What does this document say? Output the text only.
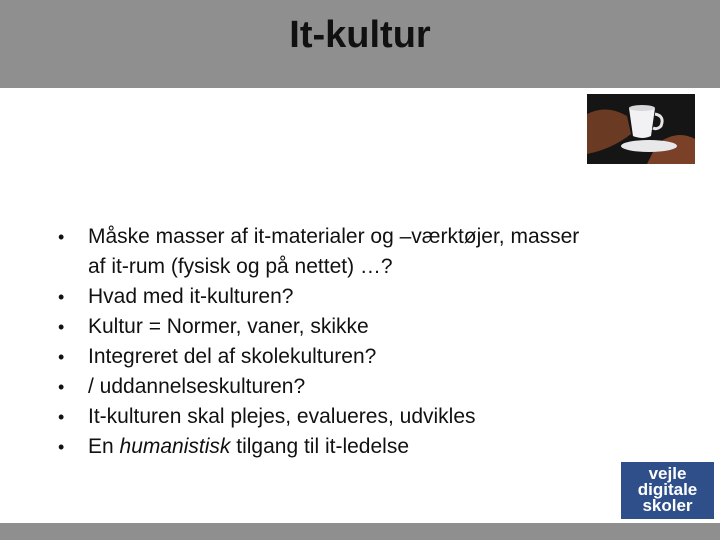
It-kultur
• Måske masser af it-materialer og –værktøjer, masser
af it-rum (fysisk og på nettet) …?
• Hvad med it-kulturen?
• Kultur = Normer, vaner, skikke
• Integreret del af skolekulturen?
• / uddannelseskulturen?
• It-kulturen skal plejes, evalueres, udvikles
• En humanistisk tilgang til it-ledelse
vejle
digitale
skoler
